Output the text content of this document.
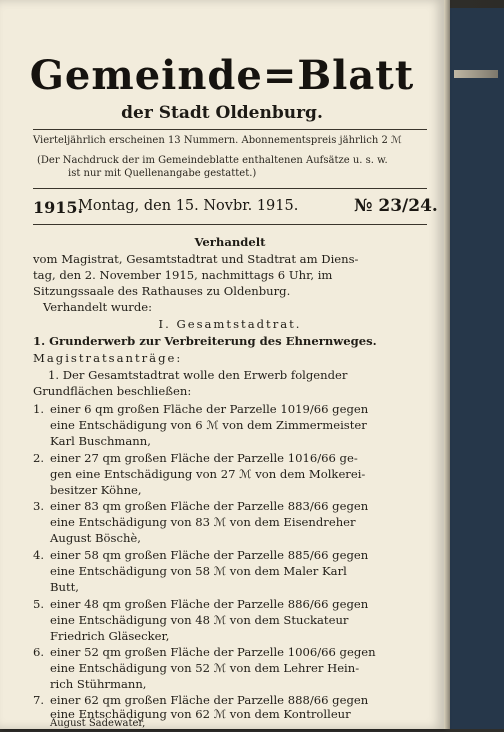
Gemeinde=Blatt
der Stadt Oldenburg.
Vierteljährlich erscheinen 13 Nummern. Abonnementspreis jährlich 2 ℳ
(Der Nachdruck der im Gemeindeblatte enthaltenen Aufsätze u. s. w.
ist nur mit Quellenangabe gestattet.)
1915.
Montag, den 15. Novbr. 1915.	№ 23/24.
Verhandelt
vom Magistrat, Gesamtstadtrat und Stadtrat am Diens-
tag, den 2. November 1915, nachmittags 6 Uhr, im
Sitzungssaale des Rathauses zu Oldenburg.
Verhandelt wurde:
I. Gesamtstadtrat.
1. Grunderwerb zur Verbreiterung des Ehnernweges.
Magistratsanträge:
1. Der Gesamtstadtrat wolle den Erwerb folgender
Grundflächen beschließen:
1. einer 6 qm großen Fläche der Parzelle 1019/66 gegen
eine Entschädigung von 6 ℳ von dem Zimmermeister
Karl Buschmann,
2. einer 27 qm großen Fläche der Parzelle 1016/66 ge-
gen eine Entschädigung von 27 ℳ von dem Molkerei-
besitzer Köhne,
3. einer 83 qm großen Fläche der Parzelle 883/66 gegen
eine Entschädigung von 83 ℳ von dem Eisendreher
August Böschè,
4. einer 58 qm großen Fläche der Parzelle 885/66 gegen
eine Entschädigung von 58 ℳ von dem Maler Karl
Butt,
5. einer 48 qm großen Fläche der Parzelle 886/66 gegen
eine Entschädigung von 48 ℳ von dem Stuckateur
Friedrich Gläsecker,
6. einer 52 qm großen Fläche der Parzelle 1006/66 gegen
eine Entschädigung von 52 ℳ von dem Lehrer Hein-
rich Stührmann,
7. einer 62 qm großen Fläche der Parzelle 888/66 gegen
eine Entschädigung von 62 ℳ von dem Kontrolleur
August Sadewater,
